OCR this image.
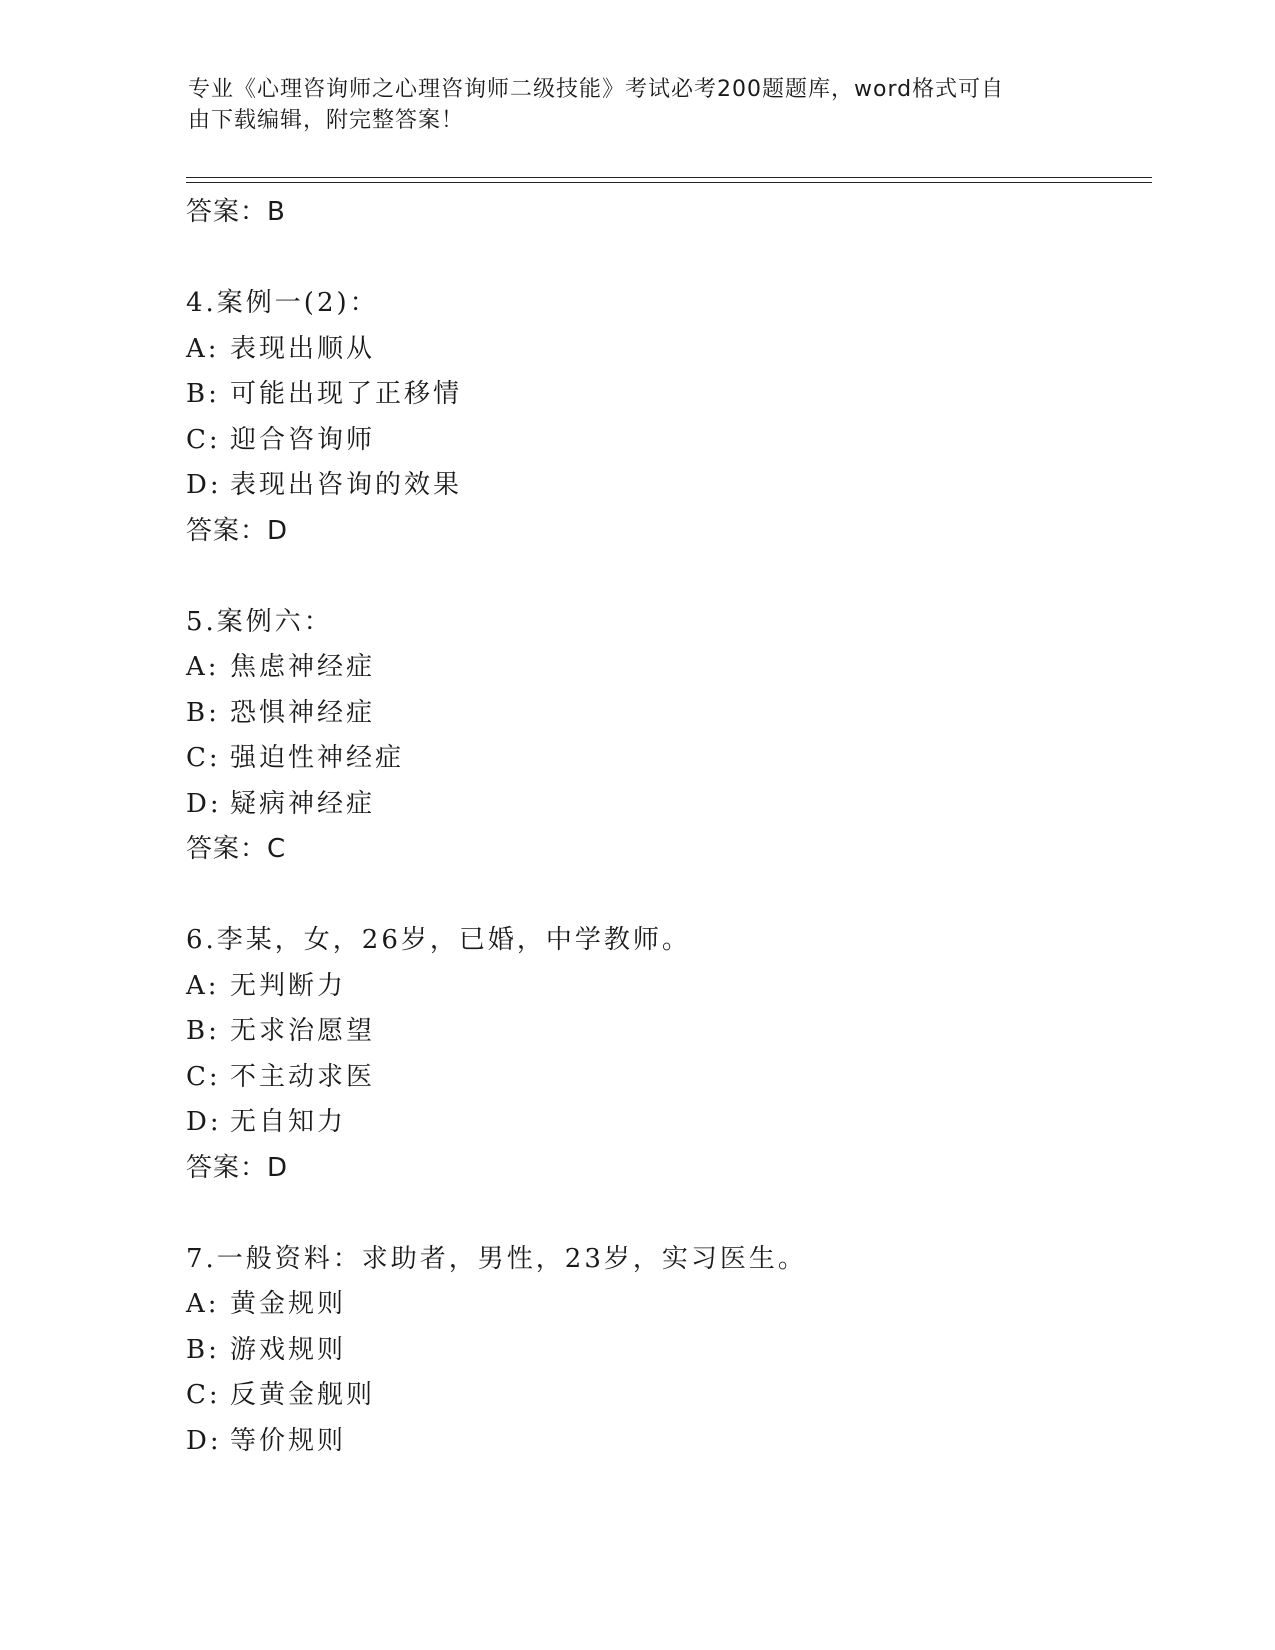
专业《心理咨询师之心理咨询师二级技能》考试必考200题题库，word格式可自
由下载编辑，附完整答案！
答案：B
4.案例一(2)：
A: 表现出顺从
B: 可能出现了正移情
C: 迎合咨询师
D: 表现出咨询的效果
答案：D
5.案例六：
A: 焦虑神经症
B: 恐惧神经症
C: 强迫性神经症
D: 疑病神经症
答案：C
6.李某，女，26岁，已婚，中学教师。
A: 无判断力
B: 无求治愿望
C: 不主动求医
D: 无自知力
答案：D
7.一般资料：求助者，男性，23岁，实习医生。
A: 黄金规则
B: 游戏规则
C: 反黄金舰则
D: 等价规则
